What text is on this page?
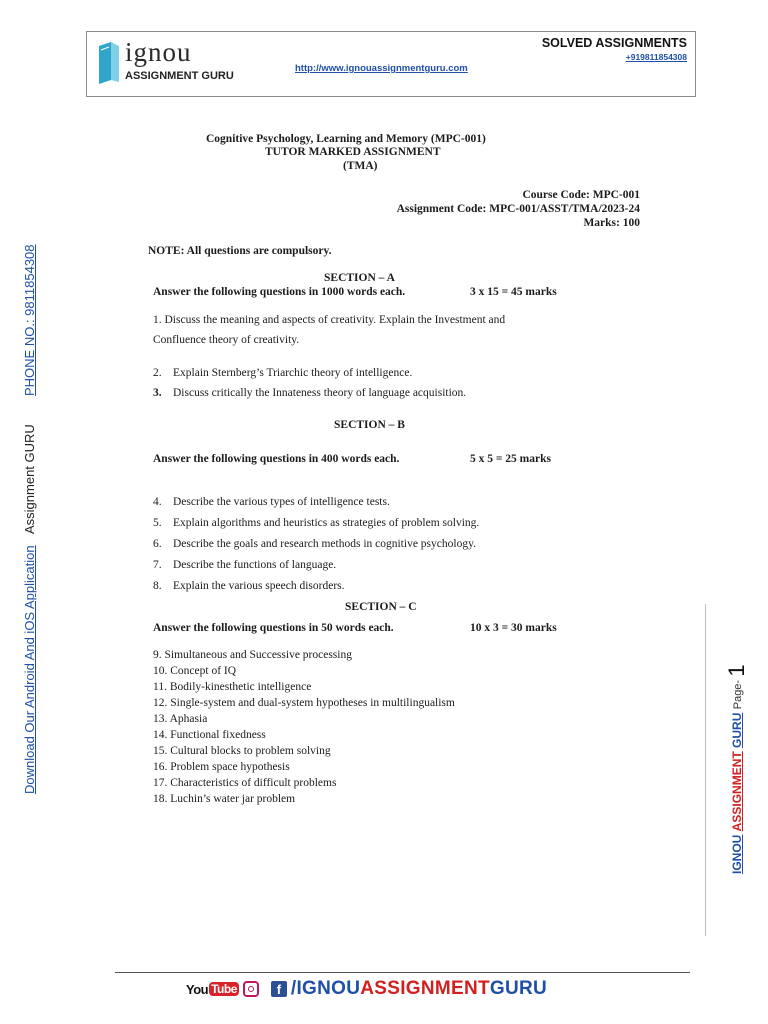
ignou
ASSIGNMENT GURU
http://www.ignouassignmentguru.com
SOLVED ASSIGNMENTS
+919811854308
Download Our Android And iOS Application
Assignment GURU
PHONE NO.: 9811854308
IGNOU ASSIGNMENT GURU Page- 1
Cognitive Psychology, Learning and Memory (MPC-001)
TUTOR MARKED ASSIGNMENT
(TMA)
Course Code: MPC-001
Assignment Code: MPC-001/ASST/TMA/2023-24
Marks: 100
NOTE: All questions are compulsory.
SECTION – A
Answer the following questions in 1000 words each.	3 x 15 = 45 marks
1. Discuss the meaning and aspects of creativity. Explain the Investment and
Confluence theory of creativity.
2. Explain Sternberg’s Triarchic theory of intelligence.
3. Discuss critically the Innateness theory of language acquisition.
SECTION – B
Answer the following questions in 400 words each.	5 x 5 = 25 marks
4. Describe the various types of intelligence tests.
5. Explain algorithms and heuristics as strategies of problem solving.
6. Describe the goals and research methods in cognitive psychology.
7. Describe the functions of language.
8. Explain the various speech disorders.
SECTION – C
Answer the following questions in 50 words each.	10 x 3 = 30 marks
9. Simultaneous and Successive processing
10. Concept of IQ
11. Bodily-kinesthetic intelligence
12. Single-system and dual-system hypotheses in multilingualism
13. Aphasia
14. Functional fixedness
15. Cultural blocks to problem solving
16. Problem space hypothesis
17. Characteristics of difficult problems
18. Luchin’s water jar problem
You Tube	f /IGNOUASSIGNMENTGURU
